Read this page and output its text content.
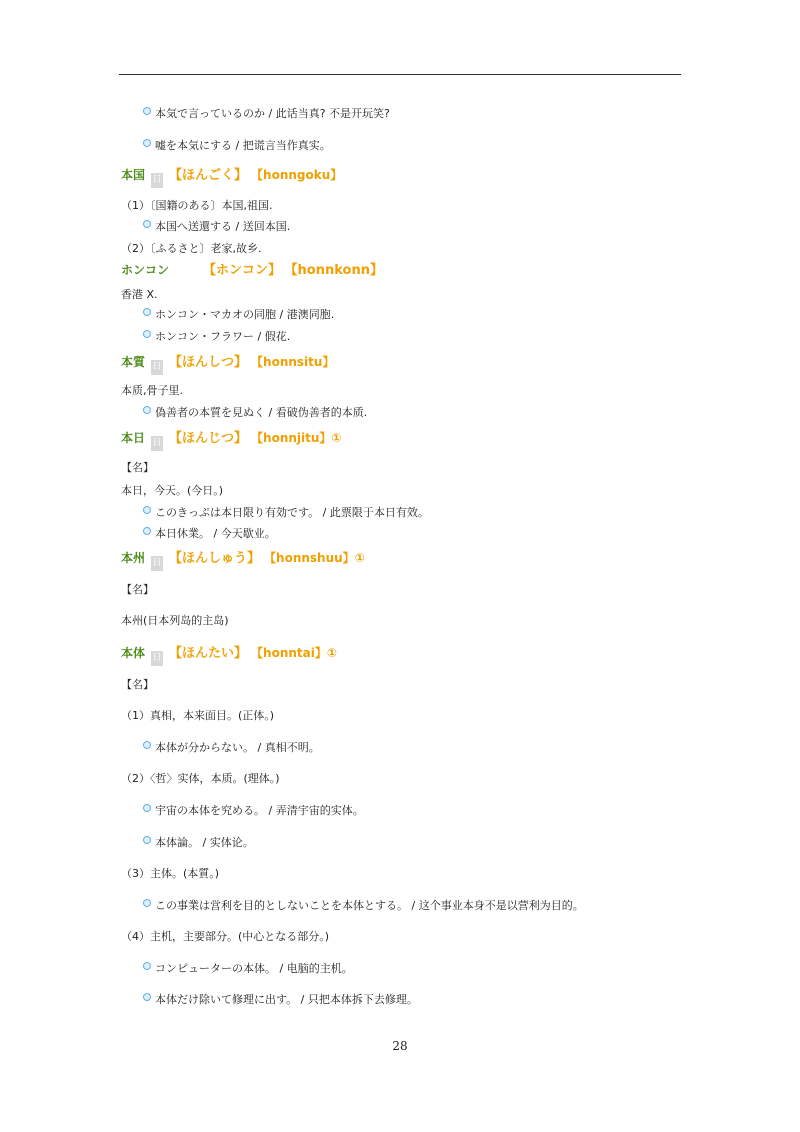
本気で言っているのか / 此话当真? 不是开玩笑?
嘘を本気にする / 把谎言当作真实。
本国 日 【ほんごく】 【honngoku】
（1）〔国籍のある〕本国,祖国.
本国へ送還する / 送回本国.
（2）〔ふるさと〕老家,故乡.
ホンコン	【ホンコン】 【honnkonn】
香港 X.
ホンコン・マカオの同胞 / 港澳同胞.
ホンコン・フラワー / 假花.
本質 日 【ほんしつ】 【honnsitu】
本质,骨子里.
偽善者の本質を見ぬく / 看破伪善者的本质.
本日 日 【ほんじつ】 【honnjitu】①
【名】
本日，今天。(今日。)
このきっぷは本日限り有効です。 / 此票限于本日有效。
本日休業。 / 今天歇业。
本州 日 【ほんしゅう】 【honnshuu】①
【名】
本州(日本列岛的主岛)
本体 日 【ほんたい】 【honntai】①
【名】
（1）真相，本来面目。(正体。)
本体が分からない。 / 真相不明。
（2）〈哲〉实体，本质。(理体。)
宇宙の本体を究める。 / 弄清宇宙的实体。
本体論。 / 实体论。
（3）主体。(本質。)
この事業は営利を目的としないことを本体とする。 / 这个事业本身不是以营利为目的。
（4）主机，主要部分。(中心となる部分。)
コンピューターの本体。 / 电脑的主机。
本体だけ除いて修理に出す。 / 只把本体拆下去修理。
28
